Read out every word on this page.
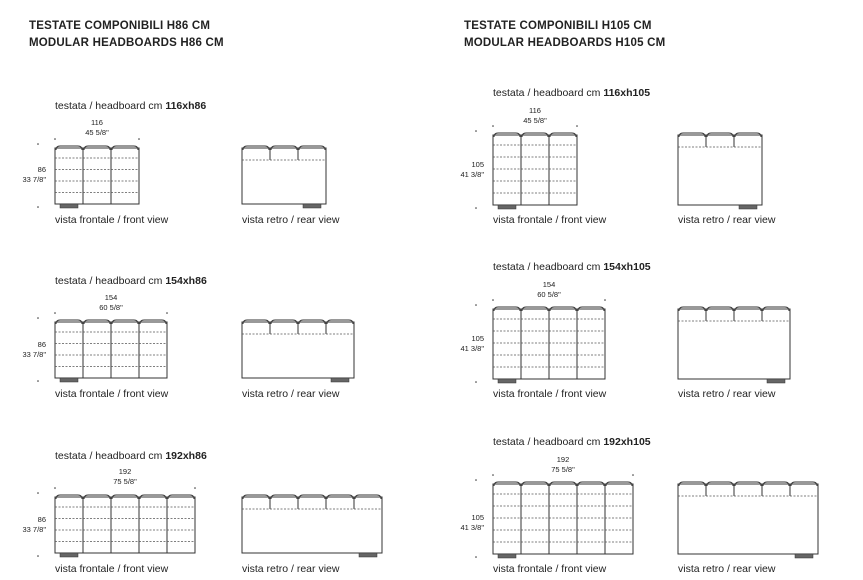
TESTATE COMPONIBILI H86 CM
MODULAR HEADBOARDS H86 CM
TESTATE COMPONIBILI H105 CM
MODULAR HEADBOARDS H105 CM
testata / headboard cm 116xh86
116
45 5/8"
86
33 7/8"
vista frontale / front view	vista retro / rear view
testata / headboard cm 154xh86
154
60 5/8"
86
33 7/8"
vista frontale / front view	vista retro / rear view
testata / headboard cm 192xh86
192
75 5/8"
86
33 7/8"
vista frontale / front view	vista retro / rear view
testata / headboard cm 116xh105
116
45 5/8"
105
41 3/8"
vista frontale / front view	vista retro / rear view
testata / headboard cm 154xh105
154
60 5/8"
105
41 3/8"
vista frontale / front view	vista retro / rear view
testata / headboard cm 192xh105
192
75 5/8"
105
41 3/8"
vista frontale / front view	vista retro / rear view
